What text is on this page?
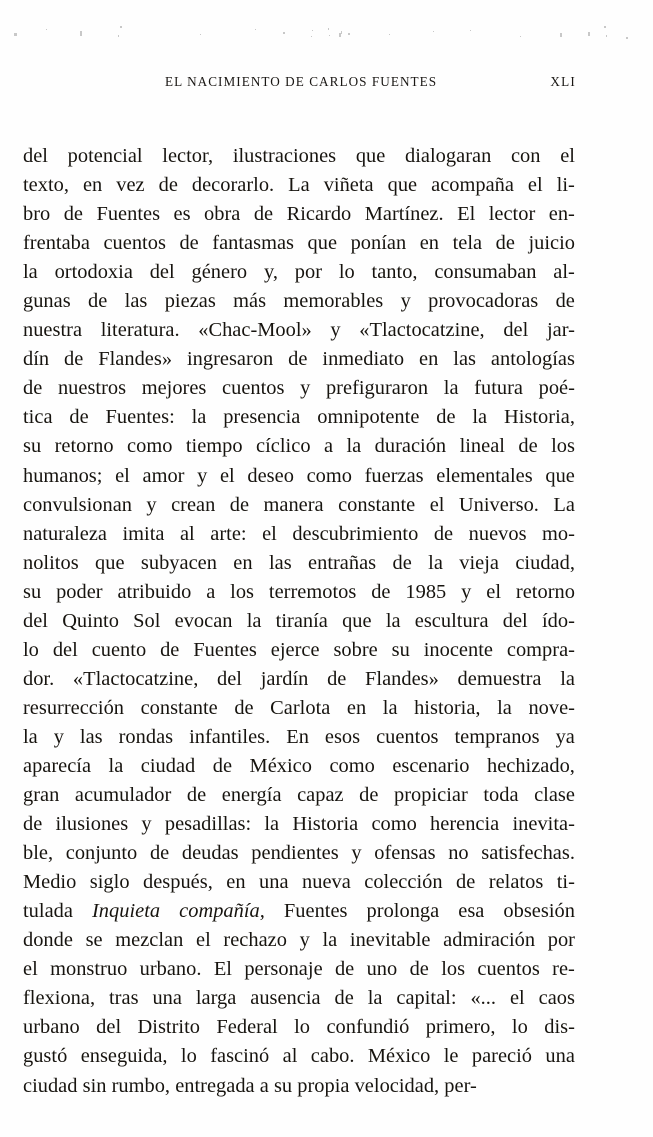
EL NACIMIENTO DE CARLOS FUENTES	XLI
del potencial lector, ilustraciones que dialogaran con el
texto, en vez de decorarlo. La viñeta que acompaña el li-
bro de Fuentes es obra de Ricardo Martínez. El lector en-
frentaba cuentos de fantasmas que ponían en tela de juicio
la ortodoxia del género y, por lo tanto, consumaban al-
gunas de las piezas más memorables y provocadoras de
nuestra literatura. «Chac-Mool» y «Tlactocatzine, del jar-
dín de Flandes» ingresaron de inmediato en las antologías
de nuestros mejores cuentos y prefiguraron la futura poé-
tica de Fuentes: la presencia omnipotente de la Historia,
su retorno como tiempo cíclico a la duración lineal de los
humanos; el amor y el deseo como fuerzas elementales que
convulsionan y crean de manera constante el Universo. La
naturaleza imita al arte: el descubrimiento de nuevos mo-
nolitos que subyacen en las entrañas de la vieja ciudad,
su poder atribuido a los terremotos de 1985 y el retorno
del Quinto Sol evocan la tiranía que la escultura del ído-
lo del cuento de Fuentes ejerce sobre su inocente compra-
dor. «Tlactocatzine, del jardín de Flandes» demuestra la
resurrección constante de Carlota en la historia, la nove-
la y las rondas infantiles. En esos cuentos tempranos ya
aparecía la ciudad de México como escenario hechizado,
gran acumulador de energía capaz de propiciar toda clase
de ilusiones y pesadillas: la Historia como herencia inevita-
ble, conjunto de deudas pendientes y ofensas no satisfechas.
Medio siglo después, en una nueva colección de relatos ti-
tulada Inquieta compañía, Fuentes prolonga esa obsesión
donde se mezclan el rechazo y la inevitable admiración por
el monstruo urbano. El personaje de uno de los cuentos re-
flexiona, tras una larga ausencia de la capital: «... el caos
urbano del Distrito Federal lo confundió primero, lo dis-
gustó enseguida, lo fascinó al cabo. México le pareció una
ciudad sin rumbo, entregada a su propia velocidad, per-
